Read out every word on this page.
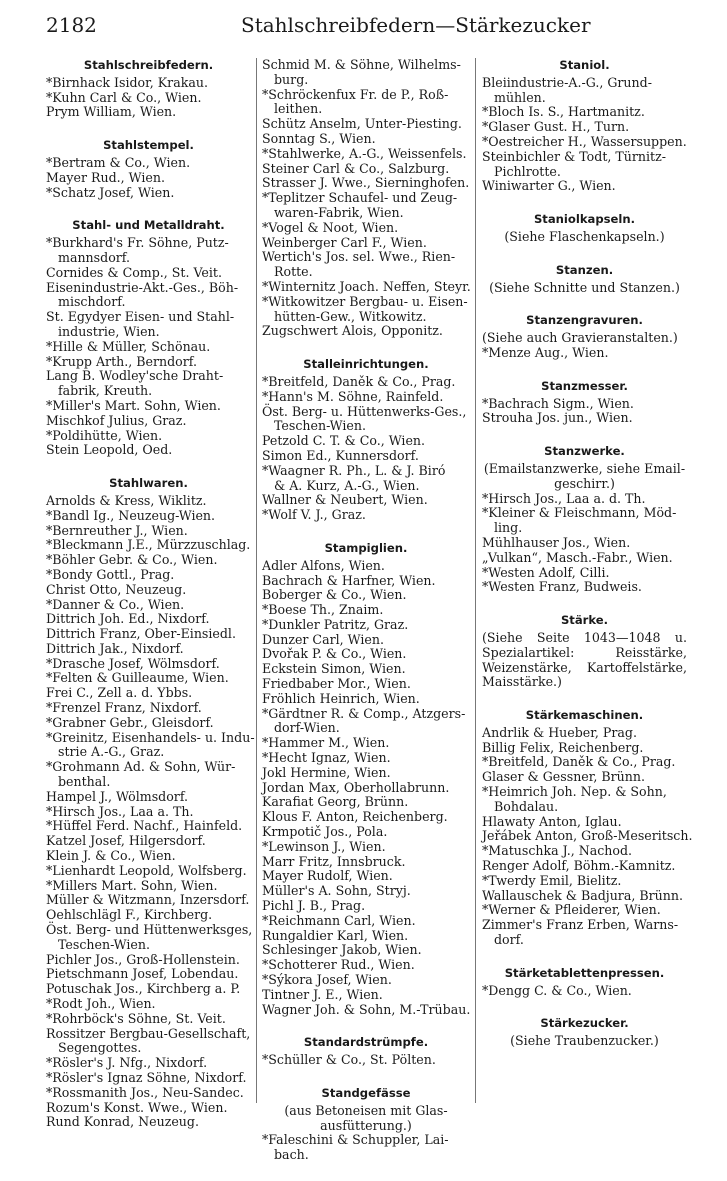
2182	Stahlschreibfedern—Stärkezucker
Stahlschreibfedern.
*Birnhack Isidor, Krakau.
*Kuhn Carl & Co., Wien.
Prym William, Wien.
Stahlstempel.
*Bertram & Co., Wien.
Mayer Rud., Wien.
*Schatz Josef, Wien.
Stahl- und Metalldraht.
*Burkhard's Fr. Söhne, Putz-
mannsdorf.
Cornides & Comp., St. Veit.
Eisenindustrie-Akt.-Ges., Böh-
mischdorf.
St. Egydyer Eisen- und Stahl-
industrie, Wien.
*Hille & Müller, Schönau.
*Krupp Arth., Berndorf.
Lang B. Wodley'sche Draht-
fabrik, Kreuth.
*Miller's Mart. Sohn, Wien.
Mischkof Julius, Graz.
*Poldihütte, Wien.
Stein Leopold, Oed.
Stahlwaren.
Arnolds & Kress, Wiklitz.
*Bandl Ig., Neuzeug-Wien.
*Bernreuther J., Wien.
*Bleckmann J.E., Mürzzuschlag.
*Böhler Gebr. & Co., Wien.
*Bondy Gottl., Prag.
Christ Otto, Neuzeug.
*Danner & Co., Wien.
Dittrich Joh. Ed., Nixdorf.
Dittrich Franz, Ober-Einsiedl.
Dittrich Jak., Nixdorf.
*Drasche Josef, Wölmsdorf.
*Felten & Guilleaume, Wien.
Frei C., Zell a. d. Ybbs.
*Frenzel Franz, Nixdorf.
*Grabner Gebr., Gleisdorf.
*Greinitz, Eisenhandels- u. Indu-
strie A.-G., Graz.
*Grohmann Ad. & Sohn, Wür-
benthal.
Hampel J., Wölmsdorf.
*Hirsch Jos., Laa a. Th.
*Hüffel Ferd. Nachf., Hainfeld.
Katzel Josef, Hilgersdorf.
Klein J. & Co., Wien.
*Lienhardt Leopold, Wolfsberg.
*Millers Mart. Sohn, Wien.
Müller & Witzmann, Inzersdorf.
Oehlschlägl F., Kirchberg.
Öst. Berg- und Hüttenwerksges,
Teschen-Wien.
Pichler Jos., Groß-Hollenstein.
Pietschmann Josef, Lobendau.
Potuschak Jos., Kirchberg a. P.
*Rodt Joh., Wien.
*Rohrböck's Söhne, St. Veit.
Rossitzer Bergbau-Gesellschaft,
Segengottes.
*Rösler's J. Nfg., Nixdorf.
*Rösler's Ignaz Söhne, Nixdorf.
*Rossmanith Jos., Neu-Sandec.
Rozum's Konst. Wwe., Wien.
Rund Konrad, Neuzeug.
Schmid M. & Söhne, Wilhelms-
burg.
*Schröckenfux Fr. de P., Roß-
leithen.
Schütz Anselm, Unter-Piesting.
Sonntag S., Wien.
*Stahlwerke, A.-G., Weissenfels.
Steiner Carl & Co., Salzburg.
Strasser J. Wwe., Sierninghofen.
*Teplitzer Schaufel- und Zeug-
waren-Fabrik, Wien.
*Vogel & Noot, Wien.
Weinberger Carl F., Wien.
Wertich's Jos. sel. Wwe., Rien-
Rotte.
*Winternitz Joach. Neffen, Steyr.
*Witkowitzer Bergbau- u. Eisen-
hütten-Gew., Witkowitz.
Zugschwert Alois, Opponitz.
Stalleinrichtungen.
*Breitfeld, Daněk & Co., Prag.
*Hann's M. Söhne, Rainfeld.
Öst. Berg- u. Hüttenwerks-Ges.,
Teschen-Wien.
Petzold C. T. & Co., Wien.
Simon Ed., Kunnersdorf.
*Waagner R. Ph., L. & J. Biró
& A. Kurz, A.-G., Wien.
Wallner & Neubert, Wien.
*Wolf V. J., Graz.
Stampiglien.
Adler Alfons, Wien.
Bachrach & Harfner, Wien.
Boberger & Co., Wien.
*Boese Th., Znaim.
*Dunkler Patritz, Graz.
Dunzer Carl, Wien.
Dvořak P. & Co., Wien.
Eckstein Simon, Wien.
Friedbaber Mor., Wien.
Fröhlich Heinrich, Wien.
*Gärdtner R. & Comp., Atzgers-
dorf-Wien.
*Hammer M., Wien.
*Hecht Ignaz, Wien.
Jokl Hermine, Wien.
Jordan Max, Oberhollabrunn.
Karafiat Georg, Brünn.
Klous F. Anton, Reichenberg.
Krmpotič Jos., Pola.
*Lewinson J., Wien.
Marr Fritz, Innsbruck.
Mayer Rudolf, Wien.
Müller's A. Sohn, Stryj.
Pichl J. B., Prag.
*Reichmann Carl, Wien.
Rungaldier Karl, Wien.
Schlesinger Jakob, Wien.
*Schotterer Rud., Wien.
*Sýkora Josef, Wien.
Tintner J. E., Wien.
Wagner Joh. & Sohn, M.-Trübau.
Standardstrümpfe.
*Schüller & Co., St. Pölten.
Standgefässe
(aus Betoneisen mit Glas-
ausfütterung.)
*Faleschini & Schuppler, Lai-
bach.
Staniol.
Bleiindustrie-A.-G., Grund-
mühlen.
*Bloch Is. S., Hartmanitz.
*Glaser Gust. H., Turn.
*Oestreicher H., Wassersuppen.
Steinbichler & Todt, Türnitz-
Pichlrotte.
Winiwarter G., Wien.
Staniolkapseln.
(Siehe Flaschenkapseln.)
Stanzen.
(Siehe Schnitte und Stanzen.)
Stanzengravuren.
(Siehe auch Gravieranstalten.)
*Menze Aug., Wien.
Stanzmesser.
*Bachrach Sigm., Wien.
Strouha Jos. jun., Wien.
Stanzwerke.
(Emailstanzwerke, siehe Email-
geschirr.)
*Hirsch Jos., Laa a. d. Th.
*Kleiner & Fleischmann, Möd-
ling.
Mühlhauser Jos., Wien.
„Vulkan“, Masch.-Fabr., Wien.
*Westen Adolf, Cilli.
*Westen Franz, Budweis.
Stärke.
(Siehe Seite 1043—1048 u. Spezialartikel: Reisstärke, Weizenstärke, Kartoffelstärke, Maisstärke.)
Stärkemaschinen.
Andrlik & Hueber, Prag.
Billig Felix, Reichenberg.
*Breitfeld, Daněk & Co., Prag.
Glaser & Gessner, Brünn.
*Heimrich Joh. Nep. & Sohn,
Bohdalau.
Hlawaty Anton, Iglau.
Jeřábek Anton, Groß-Meseritsch.
*Matuschka J., Nachod.
Renger Adolf, Böhm.-Kamnitz.
*Twerdy Emil, Bielitz.
Wallauschek & Badjura, Brünn.
*Werner & Pfleiderer, Wien.
Zimmer's Franz Erben, Warns-
dorf.
Stärketablettenpressen.
*Dengg C. & Co., Wien.
Stärkezucker.
(Siehe Traubenzucker.)
